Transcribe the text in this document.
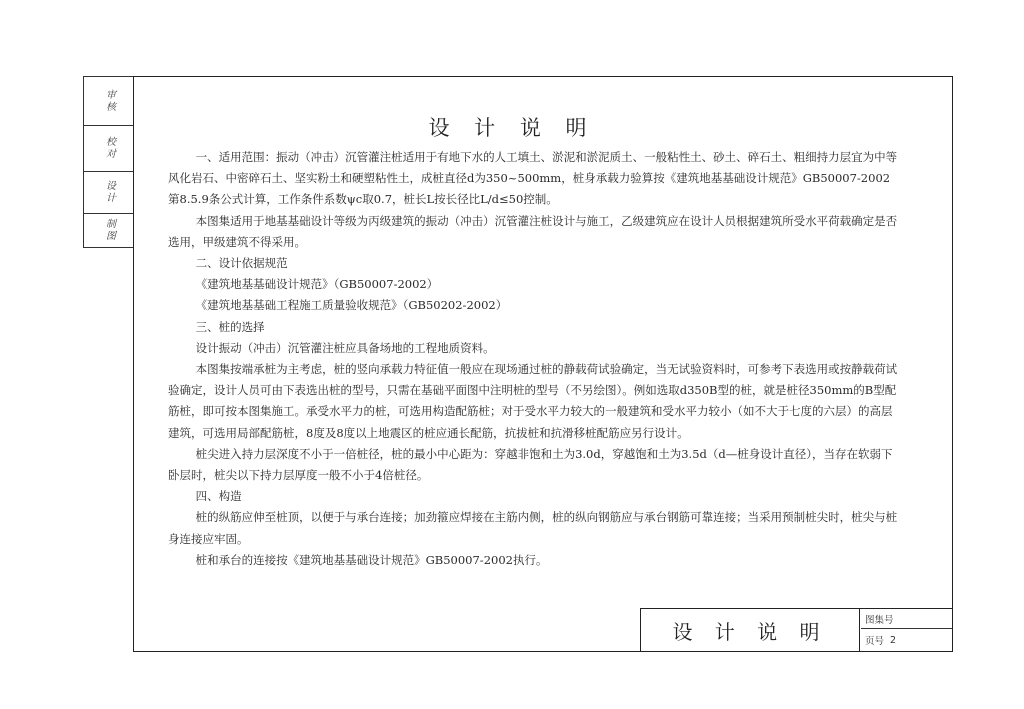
审核
校对
设计
制图
设 计 说 明

一、适用范围：振动（冲击）沉管灌注桩适用于有地下水的人工填土、淤泥和淤泥质土、一般粘性土、砂土、碎石土、粗细持力层宜为中等风化岩石、中密碎石土、坚实粉土和硬塑粘性土，成桩直径d为350~500mm，桩身承载力验算按《建筑地基基础设计规范》GB50007-2002第8.5.9条公式计算，工作条件系数ψc取0.7，桩长L按长径比L/d≤50控制。

本图集适用于地基基础设计等级为丙级建筑的振动（冲击）沉管灌注桩设计与施工，乙级建筑应在设计人员根据建筑所受水平荷载确定是否选用，甲级建筑不得采用。

二、设计依据规范

《建筑地基基础设计规范》（GB50007-2002）

《建筑地基基础工程施工质量验收规范》（GB50202-2002）

三、桩的选择

设计振动（冲击）沉管灌注桩应具备场地的工程地质资料。

本图集按端承桩为主考虑，桩的竖向承载力特征值一般应在现场通过桩的静载荷试验确定，当无试验资料时，可参考下表选用或按静载荷试验确定，设计人员可由下表选出桩的型号，只需在基础平面图中注明桩的型号（不另绘图）。例如选取d350B型的桩，就是桩径350mm的B型配筋桩，即可按本图集施工。承受水平力的桩，可选用构造配筋桩；对于受水平力较大的一般建筑和受水平力较小（如不大于七度的六层）的高层建筑，可选用局部配筋桩，8度及8度以上地震区的桩应通长配筋，抗拔桩和抗滑移桩配筋应另行设计。

桩尖进入持力层深度不小于一倍桩径，桩的最小中心距为：穿越非饱和土为3.0d，穿越饱和土为3.5d（d—桩身设计直径），当存在软弱下卧层时，桩尖以下持力层厚度一般不小于4倍桩径。

四、构造

桩的纵筋应伸至桩顶，以便于与承台连接；加劲箍应焊接在主筋内侧，桩的纵向钢筋应与承台钢筋可靠连接；当采用预制桩尖时，桩尖与桩身连接应牢固。

桩和承台的连接按《建筑地基基础设计规范》GB50007-2002执行。

设 计 说 明	图集号
页号 2
